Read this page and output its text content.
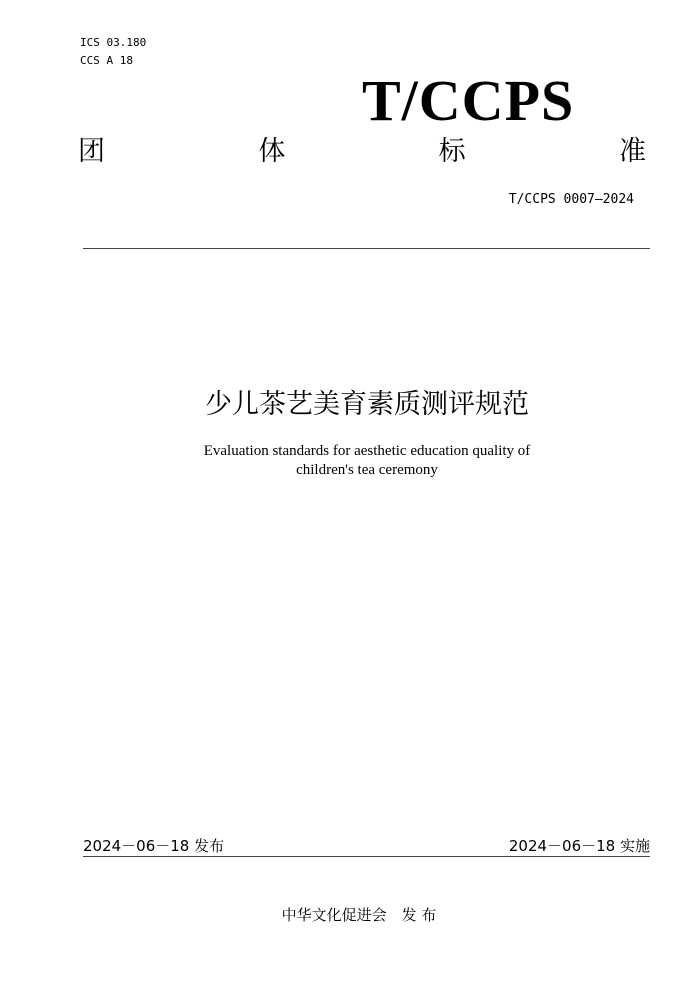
ICS 03.180
CCS A 18
T/CCPS
团	体	标	准
T/CCPS 0007—2024
少儿茶艺美育素质测评规范
Evaluation standards for aesthetic education quality of
children's tea ceremony
2024－06－18 发布	2024－06－18 实施
中华文化促进会　发 布
